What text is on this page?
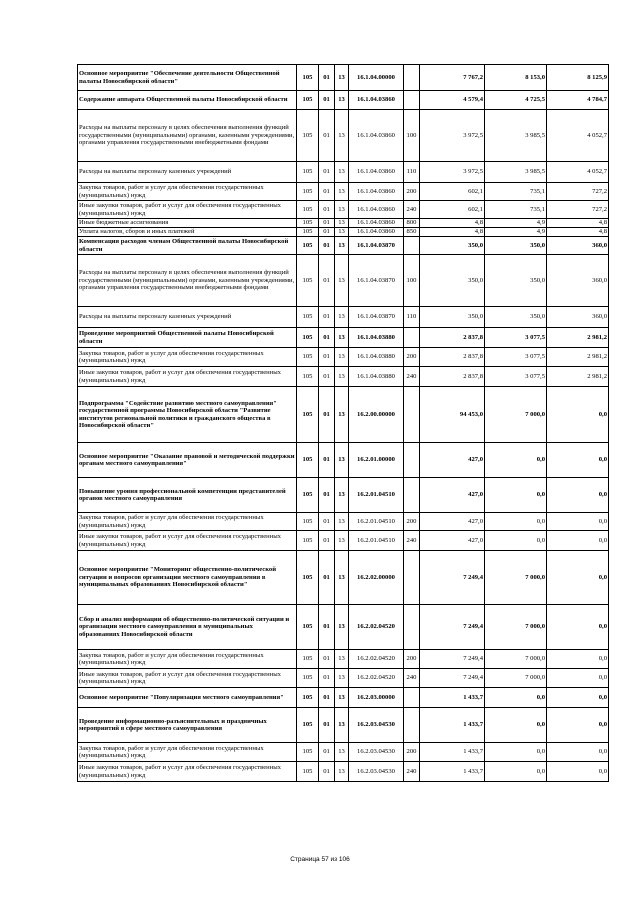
Основное мероприятие "Обеспечение деятельности Общественной палаты Новосибирской области"	105	01	13	16.1.04.00000		7 767,2	8 153,0	8 125,9
Содержание аппарата Общественной палаты Новосибирской области	105	01	13	16.1.04.03860		4 579,4	4 725,5	4 784,7
Расходы на выплаты персоналу в целях обеспечения выполнения функций государственными (муниципальными) органами, казенными учреждениями, органами управления государственными внебюджетными фондами	105	01	13	16.1.04.03860	100	3 972,5	3 985,5	4 052,7
Расходы на выплаты персоналу казенных учреждений	105	01	13	16.1.04.03860	110	3 972,5	3 985,5	4 052,7
Закупка товаров, работ и услуг для обеспечения государственных (муниципальных) нужд	105	01	13	16.1.04.03860	200	602,1	735,1	727,2
Иные закупки товаров, работ и услуг для обеспечения государственных (муниципальных) нужд	105	01	13	16.1.04.03860	240	602,1	735,1	727,2
Иные бюджетные ассигнования	105	01	13	16.1.04.03860	800	4,8	4,9	4,8
Уплата налогов, сборов и иных платежей	105	01	13	16.1.04.03860	850	4,8	4,9	4,8
Компенсация расходов членам Общественной палаты Новосибирской области	105	01	13	16.1.04.03870		350,0	350,0	360,0
Расходы на выплаты персоналу в целях обеспечения выполнения функций государственными (муниципальными) органами, казенными учреждениями, органами управления государственными внебюджетными фондами	105	01	13	16.1.04.03870	100	350,0	350,0	360,0
Расходы на выплаты персоналу казенных учреждений	105	01	13	16.1.04.03870	110	350,0	350,0	360,0
Проведение мероприятий Общественной палаты Новосибирской области	105	01	13	16.1.04.03880		2 837,8	3 077,5	2 981,2
Закупка товаров, работ и услуг для обеспечения государственных (муниципальных) нужд	105	01	13	16.1.04.03880	200	2 837,8	3 077,5	2 981,2
Иные закупки товаров, работ и услуг для обеспечения государственных (муниципальных) нужд	105	01	13	16.1.04.03880	240	2 837,8	3 077,5	2 981,2
Подпрограмма "Содействие развитию местного самоуправления" государственной программы Новосибирской области "Развитие институтов региональной политики и гражданского общества в Новосибирской области"	105	01	13	16.2.00.00000		94 453,0	7 000,0	0,0
Основное мероприятие "Оказание правовой и методической поддержки органам местного самоуправления"	105	01	13	16.2.01.00000		427,0	0,0	0,0
Повышение уровня профессиональной компетенции представителей органов местного самоуправления	105	01	13	16.2.01.04510		427,0	0,0	0,0
Закупка товаров, работ и услуг для обеспечения государственных (муниципальных) нужд	105	01	13	16.2.01.04510	200	427,0	0,0	0,0
Иные закупки товаров, работ и услуг для обеспечения государственных (муниципальных) нужд	105	01	13	16.2.01.04510	240	427,0	0,0	0,0
Основное мероприятие "Мониторинг общественно-политической ситуации и вопросов организации местного самоуправления в муниципальных образованиях Новосибирской области"	105	01	13	16.2.02.00000		7 249,4	7 000,0	0,0
Сбор и анализ информации об общественно-политической ситуации и организации местного самоуправления в муниципальных образованиях Новосибирской области	105	01	13	16.2.02.04520		7 249,4	7 000,0	0,0
Закупка товаров, работ и услуг для обеспечения государственных (муниципальных) нужд	105	01	13	16.2.02.04520	200	7 249,4	7 000,0	0,0
Иные закупки товаров, работ и услуг для обеспечения государственных (муниципальных) нужд	105	01	13	16.2.02.04520	240	7 249,4	7 000,0	0,0
Основное мероприятие "Популяризация местного самоуправления"	105	01	13	16.2.03.00000		1 433,7	0,0	0,0
Проведение информационно-разъяснительных и праздничных мероприятий в сфере местного самоуправления	105	01	13	16.2.03.04530		1 433,7	0,0	0,0
Закупка товаров, работ и услуг для обеспечения государственных (муниципальных) нужд	105	01	13	16.2.03.04530	200	1 433,7	0,0	0,0
Иные закупки товаров, работ и услуг для обеспечения государственных (муниципальных) нужд	105	01	13	16.2.03.04530	240	1 433,7	0,0	0,0
Страница 57 из 106
